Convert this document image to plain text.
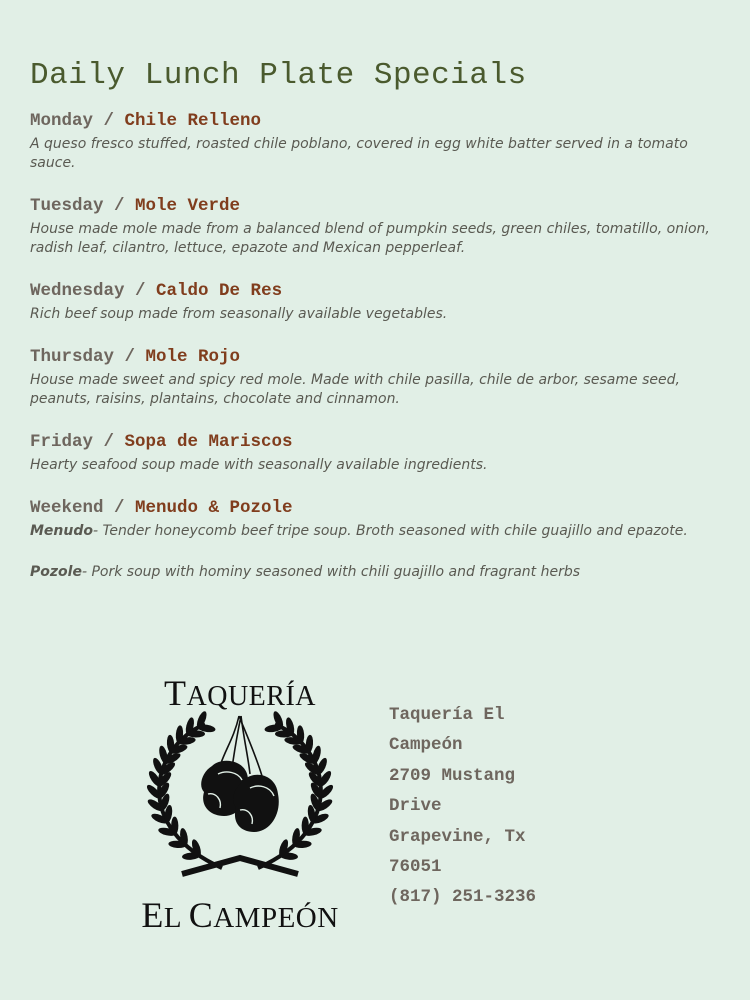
Daily Lunch Plate Specials
Monday / Chile Relleno
A queso fresco stuffed, roasted chile poblano, covered in egg white batter served in a tomato sauce.
Tuesday / Mole Verde
House made mole made from a balanced blend of pumpkin seeds, green chiles, tomatillo, onion, radish leaf, cilantro, lettuce, epazote and Mexican pepperleaf.
Wednesday / Caldo De Res
Rich beef soup made from seasonally available vegetables.
Thursday / Mole Rojo
House made sweet and spicy red mole. Made with chile pasilla, chile de arbor, sesame seed, peanuts, raisins, plantains, chocolate and cinnamon.
Friday / Sopa de Mariscos
Hearty seafood soup made with seasonally available ingredients.
Weekend / Menudo & Pozole
Menudo- Tender honeycomb beef tripe soup. Broth seasoned with chile guajillo and epazote.
Pozole- Pork soup with hominy seasoned with chili guajillo and fragrant herbs
TAQUERÍA
EL CAMPEÓN
Taquería El
Campeón
2709 Mustang
Drive
Grapevine, Tx
76051
(817) 251-3236
